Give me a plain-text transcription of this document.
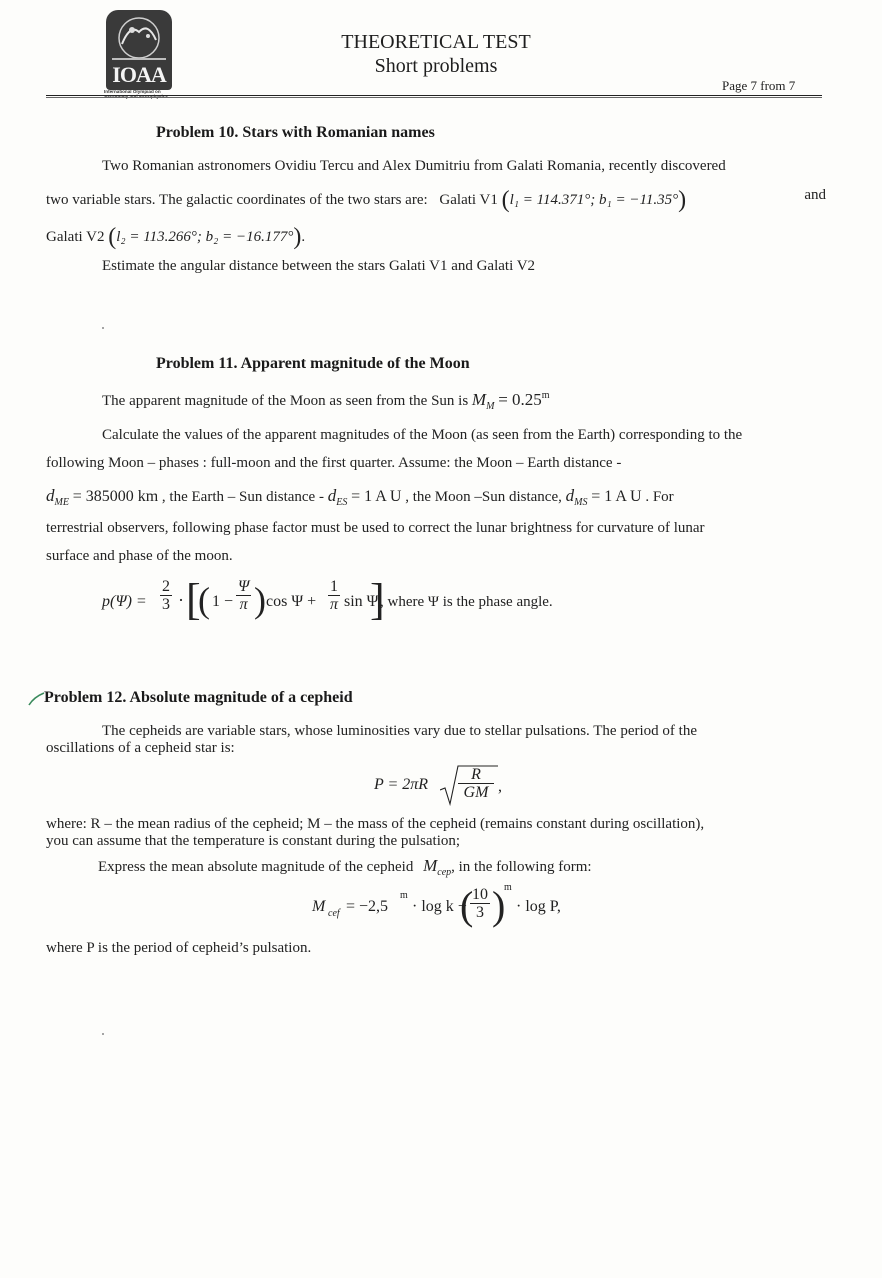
IOAA
International Olympiad on
THEORETICAL TEST
Short problems
Page 7 from 7
Problem 10. Stars with Romanian names
Two Romanian astronomers Ovidiu Tercu and Alex Dumitriu from Galati Romania, recently discovered
two variable stars. The galactic coordinates of the two stars are: Galati V1 (l₁ = 114.371°; b₁ = −11.35°)	and
Galati V2 (l₂ = 113.266°; b₂ = −16.177°).
Estimate the angular distance between the stars Galati V1 and Galati V2
Problem 11. Apparent magnitude of the Moon
The apparent magnitude of the Moon as seen from the Sun is $M_M = 0.25^m$
Calculate the values of the apparent magnitudes of the Moon (as seen from the Earth) corresponding to the
following Moon – phases : full-moon and the first quarter. Assume: the Moon – Earth distance -
$d_{ME} = 385000$ km , the Earth – Sun distance - $d_{ES} = 1$ A U , the Moon –Sun distance, $d_{MS} = 1$ A U . For
terrestrial observers, following phase factor must be used to correct the lunar brightness for curvature of lunar
surface and phase of the moon.
$p(\Psi) = \frac{2}{3}$ · [
( $1 - \frac{\Psi}{\pi}$ ) $\cos \Psi + \frac{1}{\pi}$ sin Ψ
]
, where Ψ is the phase angle.
Problem 12. Absolute magnitude of a cepheid
The cepheids are variable stars, whose luminosities vary due to stellar pulsations. The period of the
oscillations of a cepheid star is:
$P = 2\pi R \frac{R}{GM}$ ,
where: R – the mean radius of the cepheid; M – the mass of the cepheid (remains constant during oscillation),
you can assume that the temperature is constant during the pulsation;
Express the mean absolute magnitude of the cepheid $M_{cep}$, in the following form:
M cef = −2,5
m
· log k −
(
$\frac{10}{3}$ )
m
· log P,
where P is the period of cepheid’s pulsation.
